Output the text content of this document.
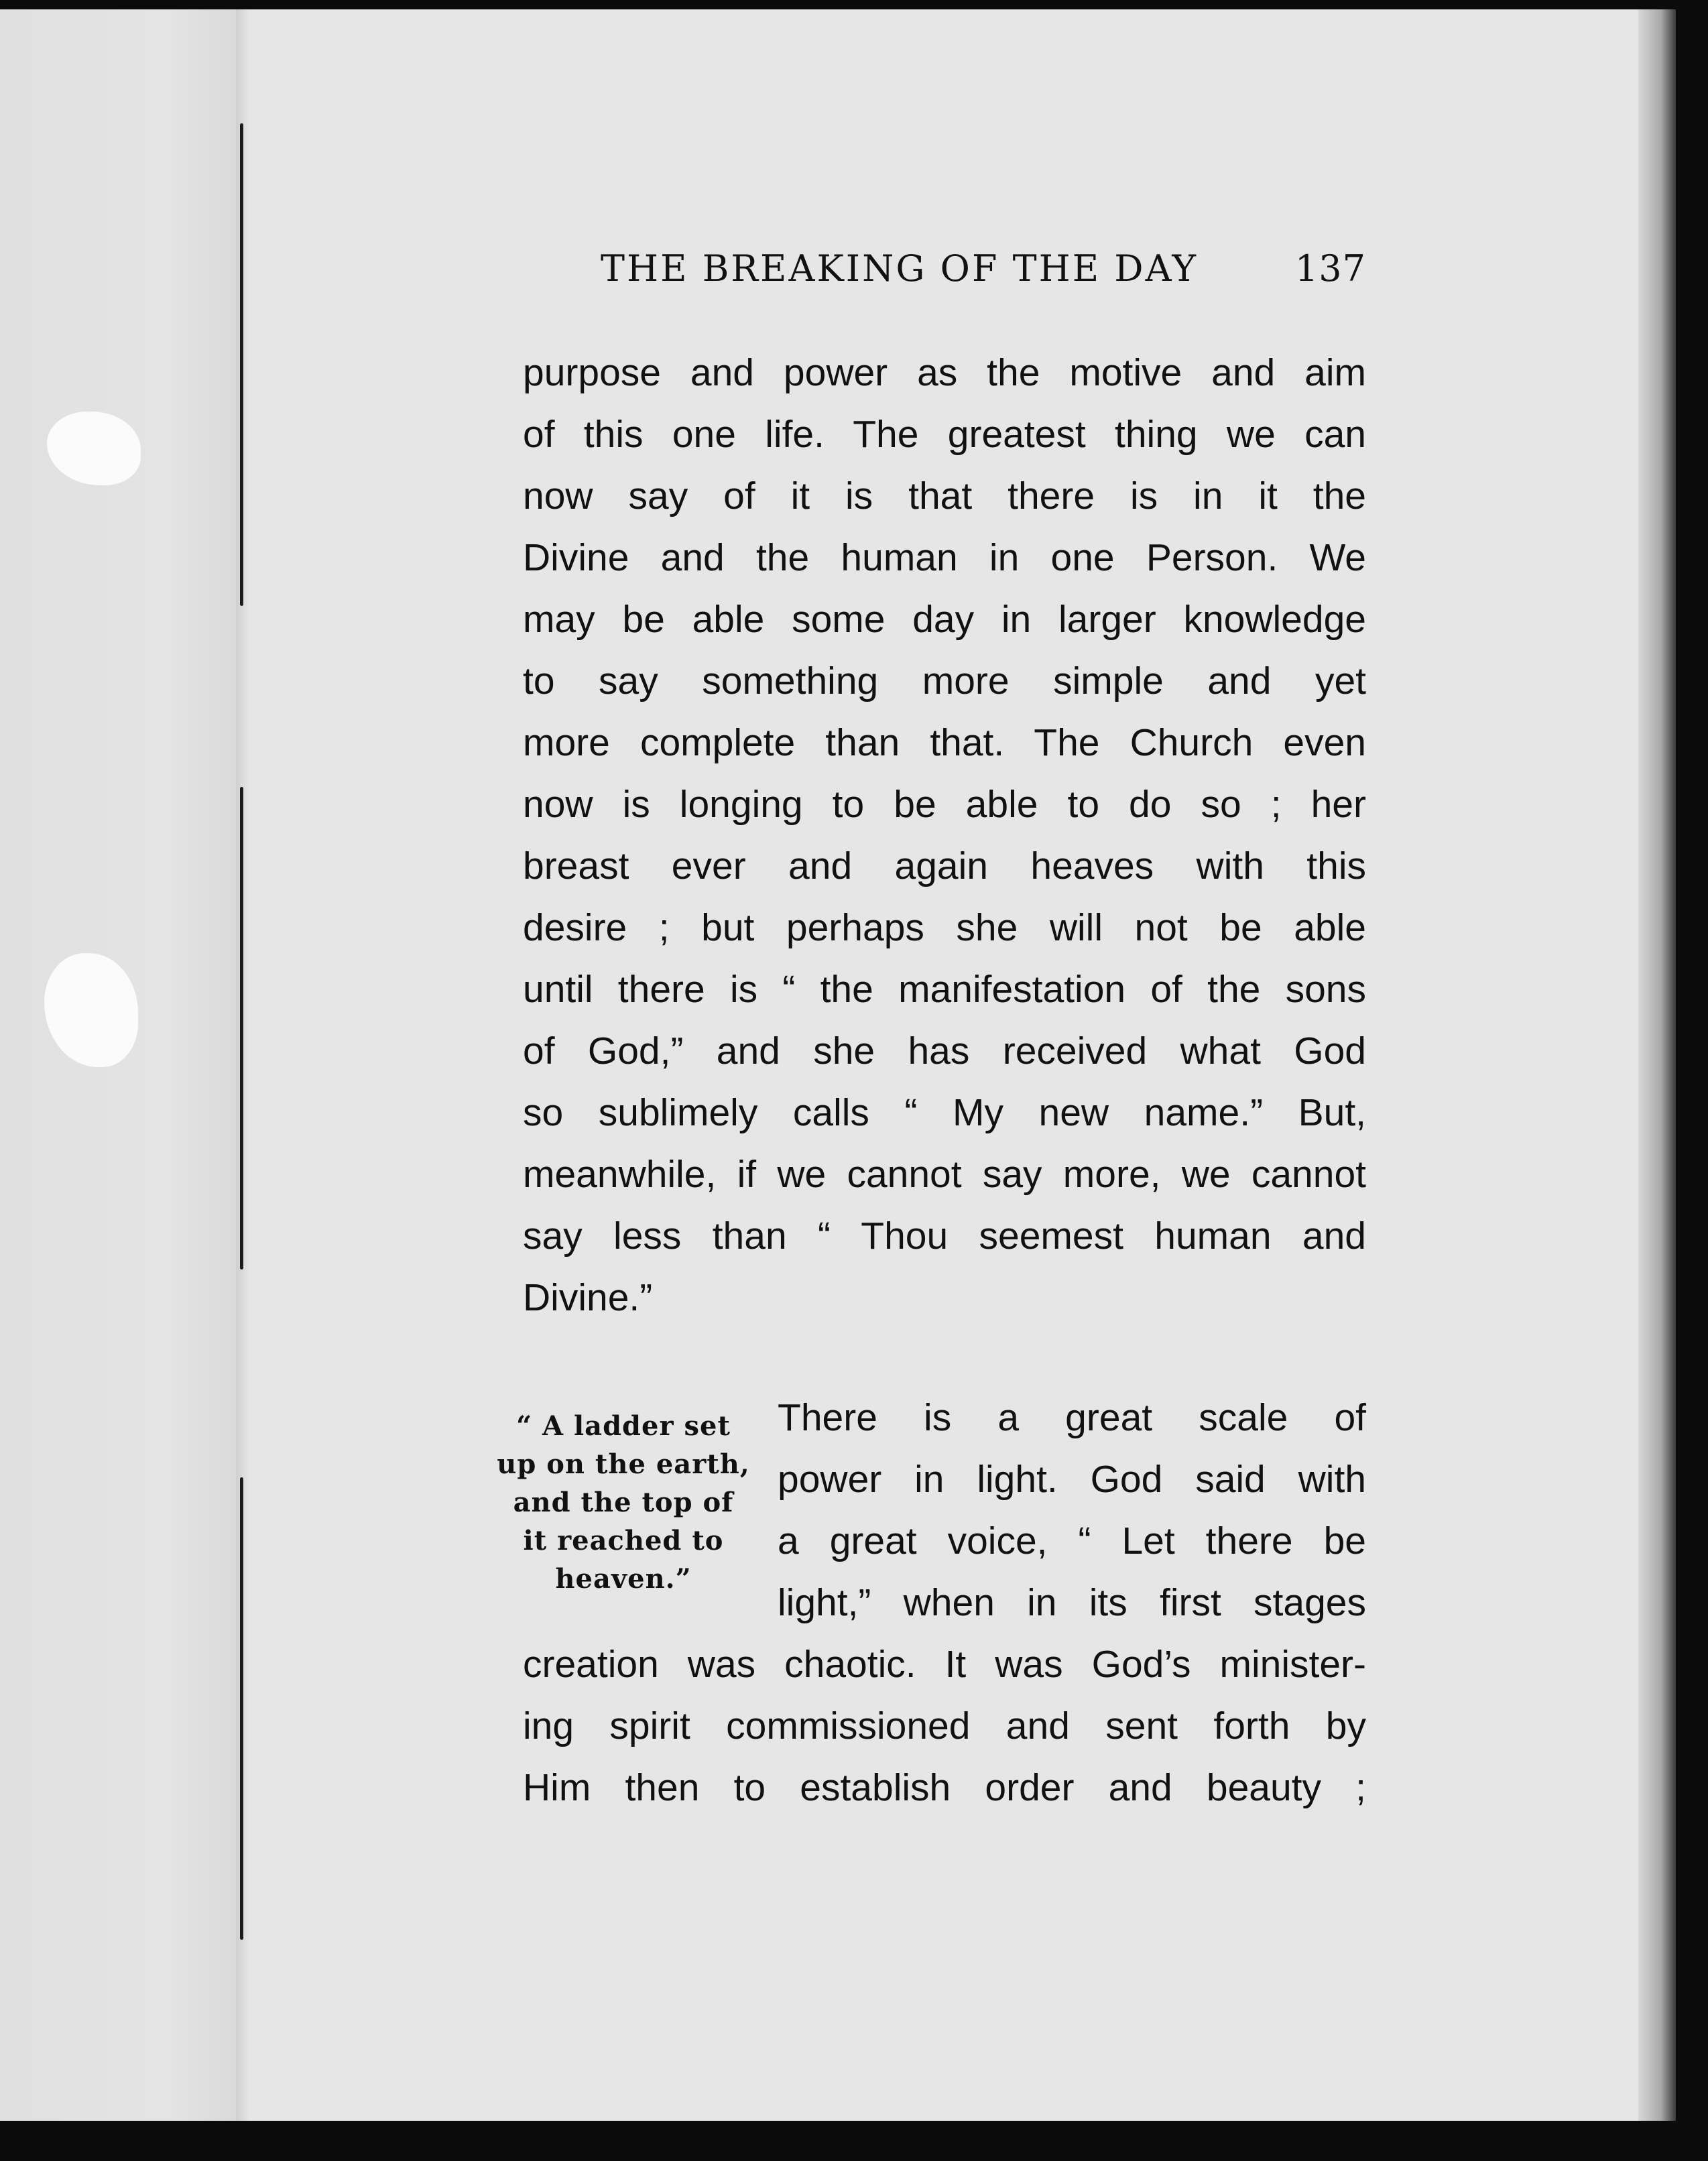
THE BREAKING OF THE DAY	137
purpose and power as the motive and aim
of this one life. The greatest thing we can
now say of it is that there is in it the
Divine and the human in one Person. We
may be able some day in larger knowledge
to say something more simple and yet
more complete than that. The Church even
now is longing to be able to do so ; her
breast ever and again heaves with this
desire ; but perhaps she will not be able
until there is “ the manifestation of the sons
of God,” and she has received what God
so sublimely calls “ My new name.” But,
meanwhile, if we cannot say more, we cannot
say less than “ Thou seemest human and
Divine.”
“ A ladder set
up on the earth,
and the top of
it reached to
heaven.”
There is a great scale of
power in light. God said with
a great voice, “ Let there be
light,” when in its first stages
creation was chaotic. It was God’s minister-
ing spirit commissioned and sent forth by
Him then to establish order and beauty ;
